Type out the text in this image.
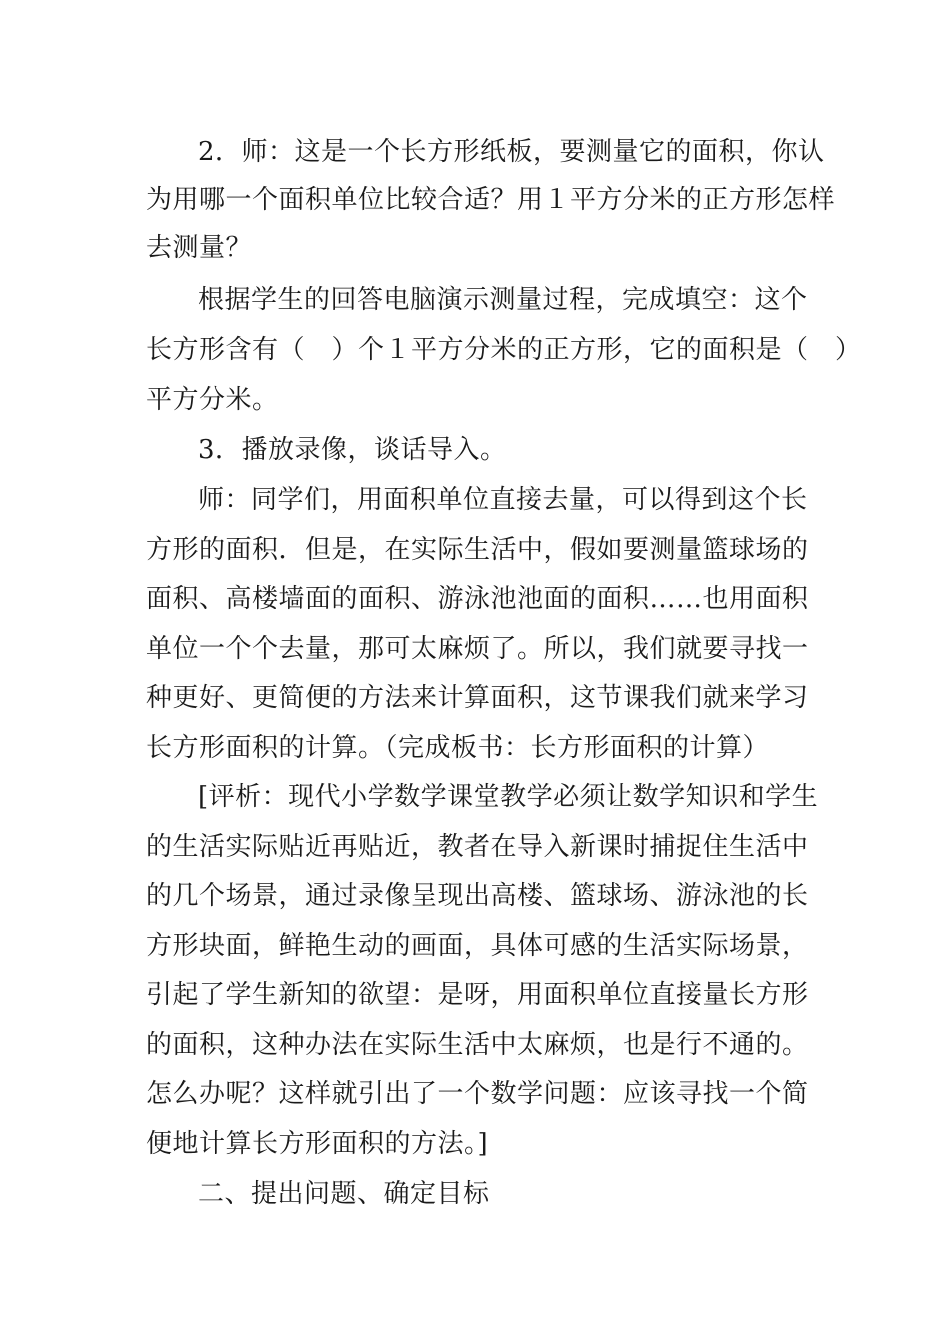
2．师：这是一个长方形纸板，要测量它的面积，你认
为用哪一个面积单位比较合适？用１平方分米的正方形怎样
去测量？
根据学生的回答电脑演示测量过程，完成填空：这个
长方形含有（　）个１平方分米的正方形，它的面积是（　）
平方分米。
3．播放录像，谈话导入。
师：同学们，用面积单位直接去量，可以得到这个长
方形的面积．但是，在实际生活中，假如要测量篮球场的
面积、高楼墙面的面积、游泳池池面的面积……也用面积
单位一个个去量，那可太麻烦了。所以，我们就要寻找一
种更好、更简便的方法来计算面积，这节课我们就来学习
长方形面积的计算。（完成板书：长方形面积的计算）
[评析：现代小学数学课堂教学必须让数学知识和学生
的生活实际贴近再贴近，教者在导入新课时捕捉住生活中
的几个场景，通过录像呈现出高楼、篮球场、游泳池的长
方形块面，鲜艳生动的画面，具体可感的生活实际场景，
引起了学生新知的欲望：是呀，用面积单位直接量长方形
的面积，这种办法在实际生活中太麻烦，也是行不通的。
怎么办呢？这样就引出了一个数学问题：应该寻找一个简
便地计算长方形面积的方法。]
二、提出问题、确定目标
